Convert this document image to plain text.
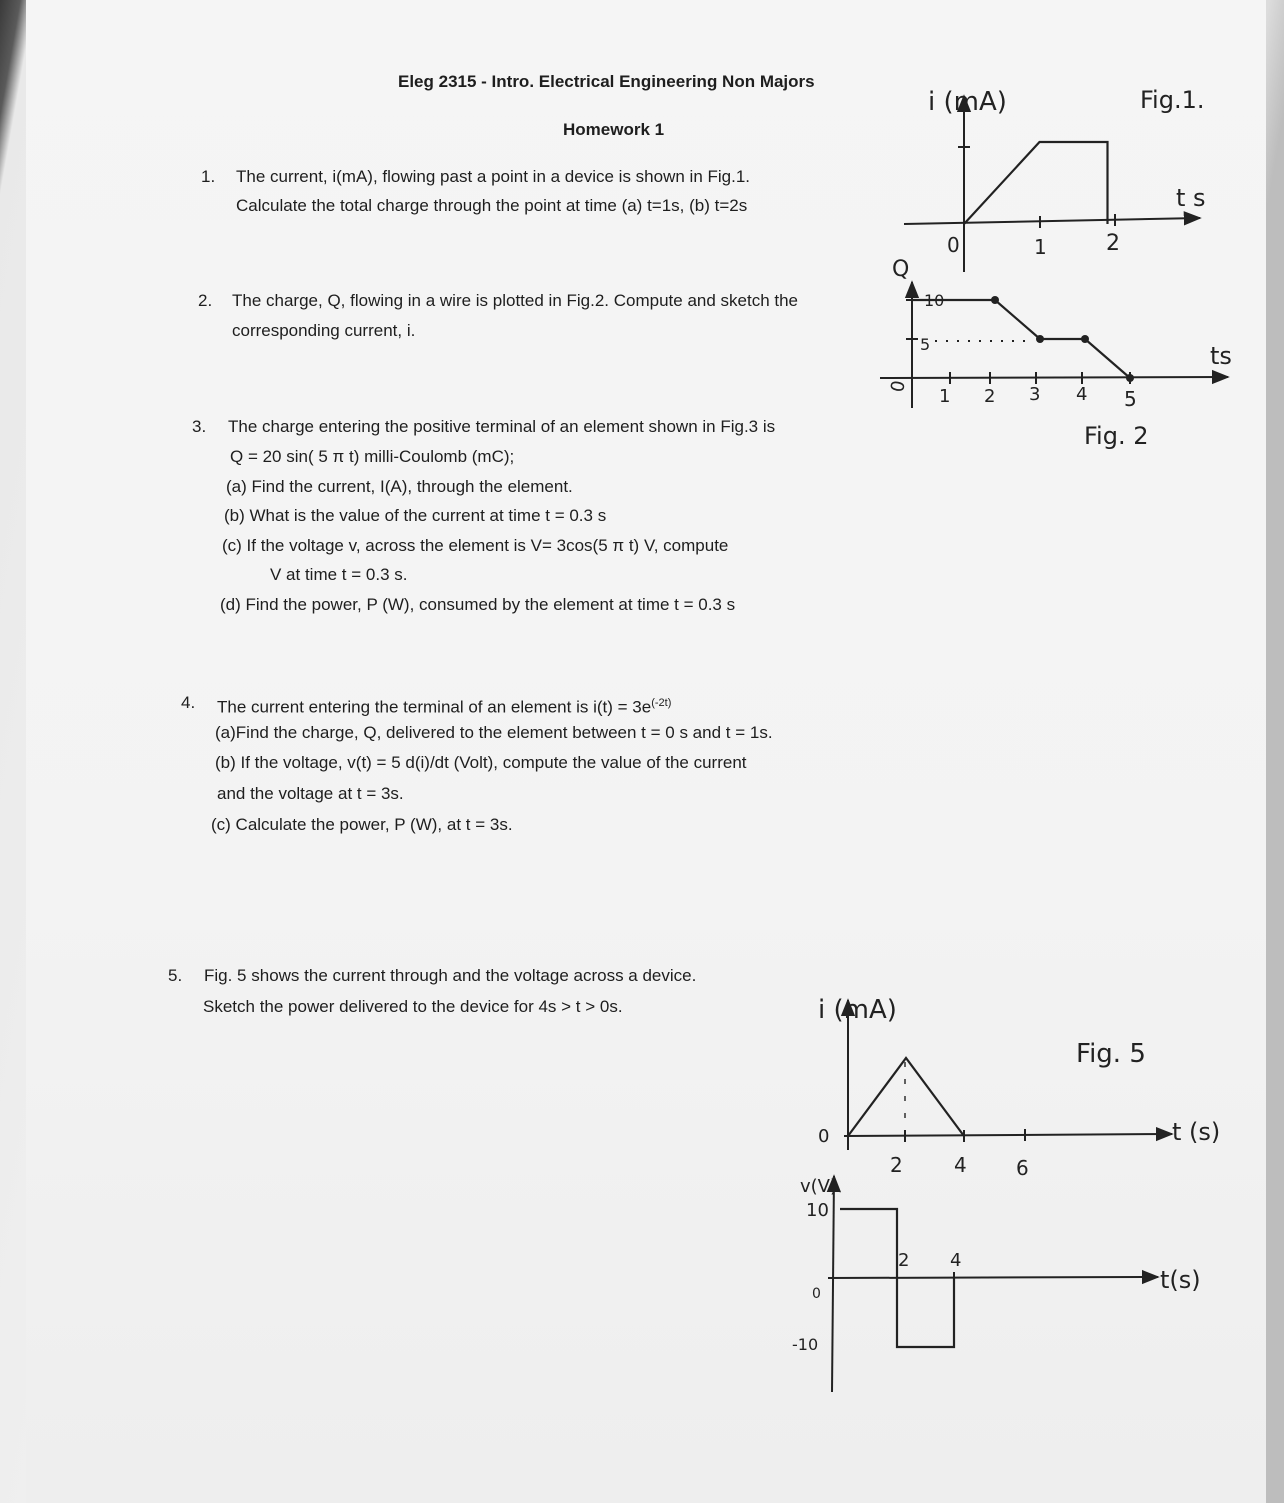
Eleg 2315 - Intro. Electrical Engineering Non Majors
Homework 1
1. The current, i(mA), flowing past a point in a device is shown in Fig.1.
Calculate the total charge through the point at time (a) t=1s, (b) t=2s
2. The charge, Q, flowing in a wire is plotted in Fig.2. Compute and sketch the
corresponding current, i.
3. The charge entering the positive terminal of an element shown in Fig.3 is
Q = 20 sin( 5 π t) milli-Coulomb (mC);
(a) Find the current, I(A), through the element.
(b) What is the value of the current at time t = 0.3 s
(c) If the voltage v, across the element is V= 3cos(5 π t) V, compute
V at time t = 0.3 s.
(d) Find the power, P (W), consumed by the element at time t = 0.3 s
4. The current entering the terminal of an element is $i(t) = 3e^{(-2t)}$
(a)Find the charge, Q, delivered to the element between t = 0 s and t = 1s.
(b) If the voltage, v(t) = 5 d(i)/dt (Volt), compute the value of the current
and the voltage at t = 3s.
(c) Calculate the power, P (W), at t = 3s.
5. Fig. 5 shows the current through and the voltage across a device.
Sketch the power delivered to the device for 4s > t > 0s.
i (mA)	Fig.1.
t s
0	1	2
Q
10
5	ts
0 1 2 3 4 5
Fig. 2
i (mA)
Fig. 5
0	t (s)
2	4 6
v(V)
10
0
-10
t(s)
2 4
